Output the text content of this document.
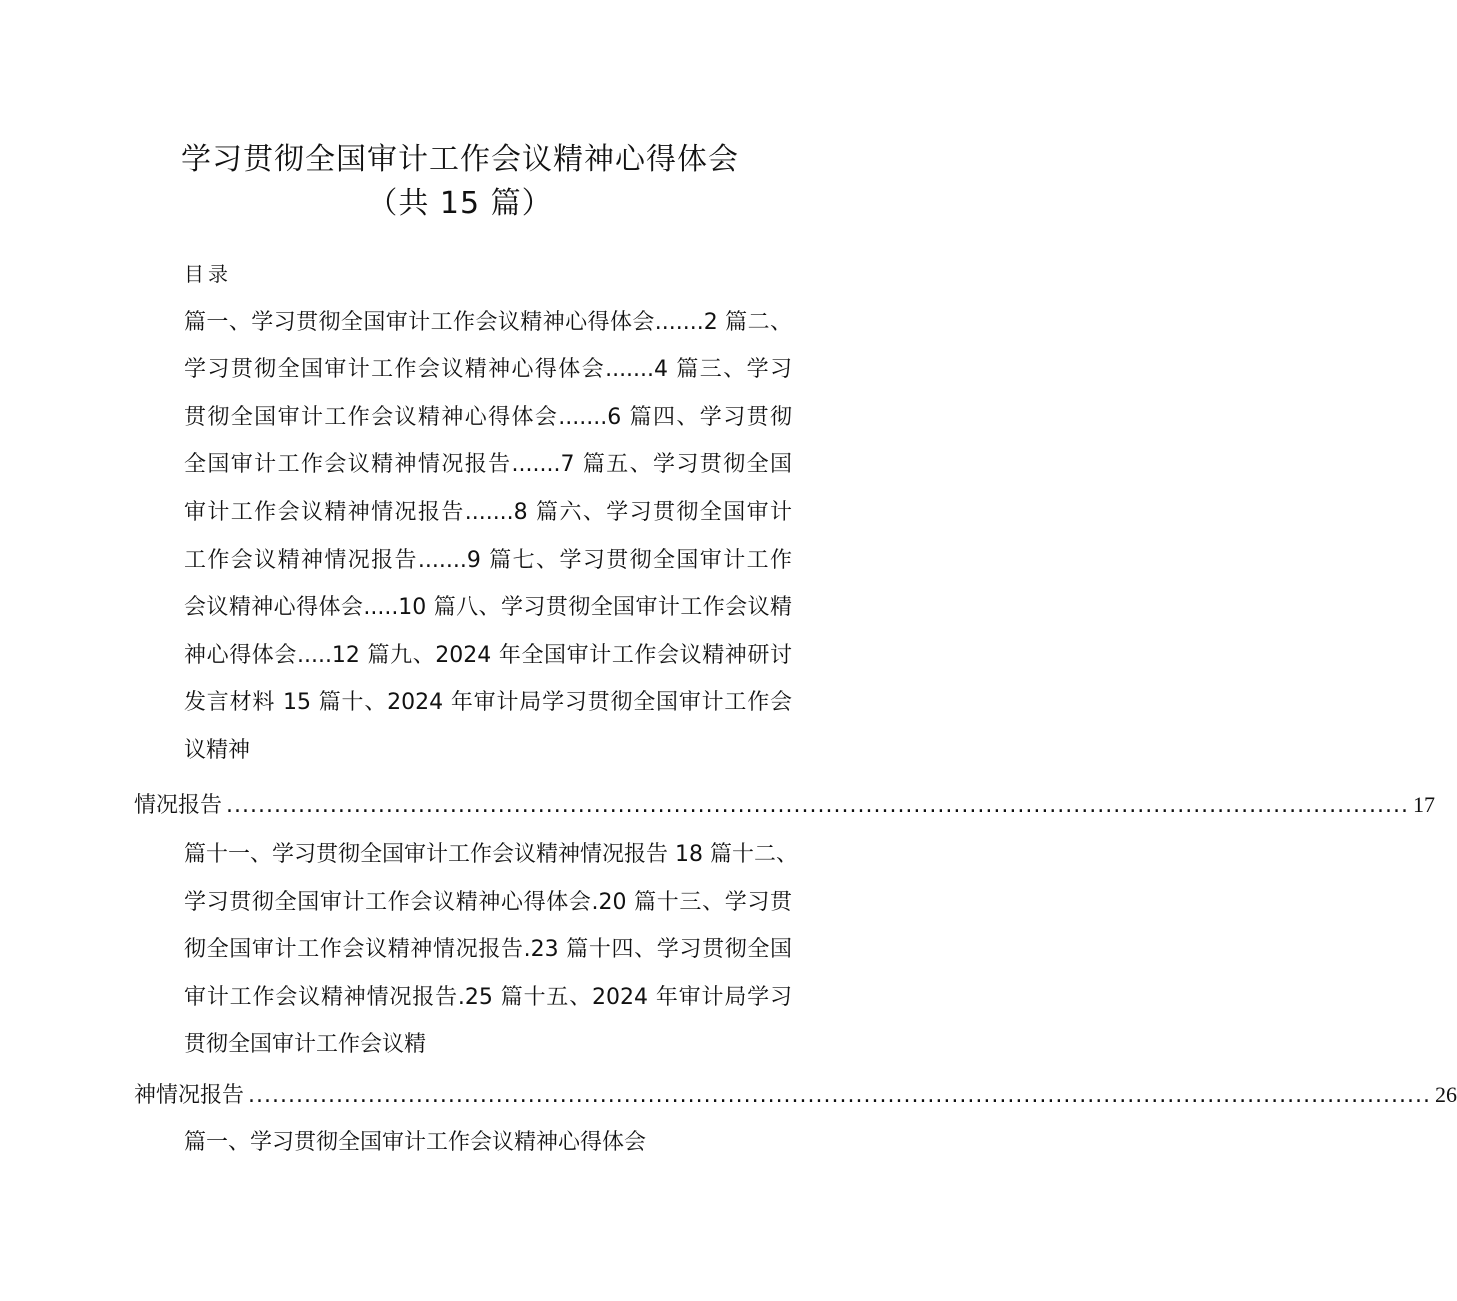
学习贯彻全国审计工作会议精神心得体会
（共 15 篇）
目录
篇一、学习贯彻全国审计工作会议精神心得体会.......2 篇二、
学习贯彻全国审计工作会议精神心得体会.......4 篇三、学习
贯彻全国审计工作会议精神心得体会.......6 篇四、学习贯彻
全国审计工作会议精神情况报告.......7 篇五、学习贯彻全国
审计工作会议精神情况报告.......8 篇六、学习贯彻全国审计
工作会议精神情况报告.......9 篇七、学习贯彻全国审计工作
会议精神心得体会.....10 篇八、学习贯彻全国审计工作会议精
神心得体会.....12 篇九、2024 年全国审计工作会议精神研讨
发言材料 15 篇十、2024 年审计局学习贯彻全国审计工作会
议精神
情况报告 .................................................................................................................................................... 17
篇十一、学习贯彻全国审计工作会议精神情况报告 18 篇十二、
学习贯彻全国审计工作会议精神心得体会.20 篇十三、学习贯
彻全国审计工作会议精神情况报告.23 篇十四、学习贯彻全国
审计工作会议精神情况报告.25 篇十五、2024 年审计局学习
贯彻全国审计工作会议精
神情况报告 .................................................................................................................................................... 26
篇一、学习贯彻全国审计工作会议精神心得体会
